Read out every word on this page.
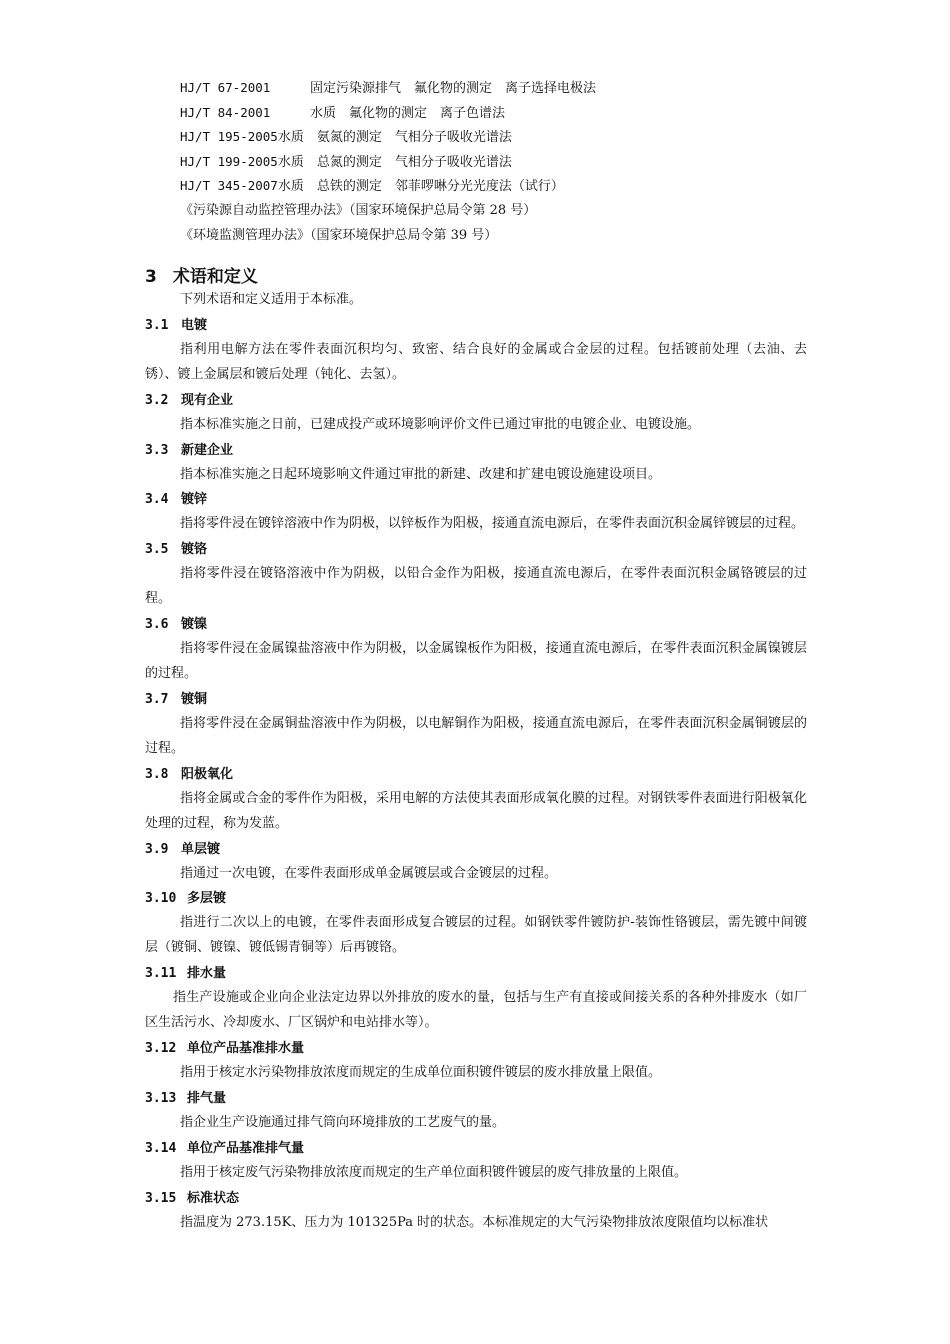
HJ/T 67-2001	固定污染源排气　氟化物的测定　离子选择电极法
HJ/T 84-2001	水质　氟化物的测定　离子色谱法
HJ/T 195-2005水质　氨氮的测定　气相分子吸收光谱法
HJ/T 199-2005水质　总氮的测定　气相分子吸收光谱法
HJ/T 345-2007水质　总铁的测定　邻菲啰啉分光光度法（试行）
《污染源自动监控管理办法》（国家环境保护总局令第 28 号）
《环境监测管理办法》（国家环境保护总局令第 39 号）
3 术语和定义
下列术语和定义适用于本标准。
3.1 电镀
指利用电解方法在零件表面沉积均匀、致密、结合良好的金属或合金层的过程。包括镀前处理（去油、去锈）、镀上金属层和镀后处理（钝化、去氢）。
3.2 现有企业
指本标准实施之日前，已建成投产或环境影响评价文件已通过审批的电镀企业、电镀设施。
3.3 新建企业
指本标准实施之日起环境影响文件通过审批的新建、改建和扩建电镀设施建设项目。
3.4 镀锌
指将零件浸在镀锌溶液中作为阴极，以锌板作为阳极，接通直流电源后，在零件表面沉积金属锌镀层的过程。
3.5 镀铬
指将零件浸在镀铬溶液中作为阴极，以铅合金作为阳极，接通直流电源后，在零件表面沉积金属铬镀层的过程。
3.6 镀镍
指将零件浸在金属镍盐溶液中作为阴极，以金属镍板作为阳极，接通直流电源后，在零件表面沉积金属镍镀层的过程。
3.7 镀铜
指将零件浸在金属铜盐溶液中作为阴极，以电解铜作为阳极，接通直流电源后，在零件表面沉积金属铜镀层的过程。
3.8 阳极氧化
指将金属或合金的零件作为阳极，采用电解的方法使其表面形成氧化膜的过程。对钢铁零件表面进行阳极氧化处理的过程，称为发蓝。
3.9 单层镀
指通过一次电镀，在零件表面形成单金属镀层或合金镀层的过程。
3.10 多层镀
指进行二次以上的电镀，在零件表面形成复合镀层的过程。如钢铁零件镀防护-装饰性铬镀层，需先镀中间镀层（镀铜、镀镍、镀低锡青铜等）后再镀铬。
3.11 排水量
指生产设施或企业向企业法定边界以外排放的废水的量，包括与生产有直接或间接关系的各种外排废水（如厂区生活污水、冷却废水、厂区锅炉和电站排水等）。
3.12 单位产品基准排水量
指用于核定水污染物排放浓度而规定的生成单位面积镀件镀层的废水排放量上限值。
3.13 排气量
指企业生产设施通过排气筒向环境排放的工艺废气的量。
3.14 单位产品基准排气量
指用于核定废气污染物排放浓度而规定的生产单位面积镀件镀层的废气排放量的上限值。
3.15 标准状态
指温度为 273.15K、压力为 101325Pa 时的状态。本标准规定的大气污染物排放浓度限值均以标准状
